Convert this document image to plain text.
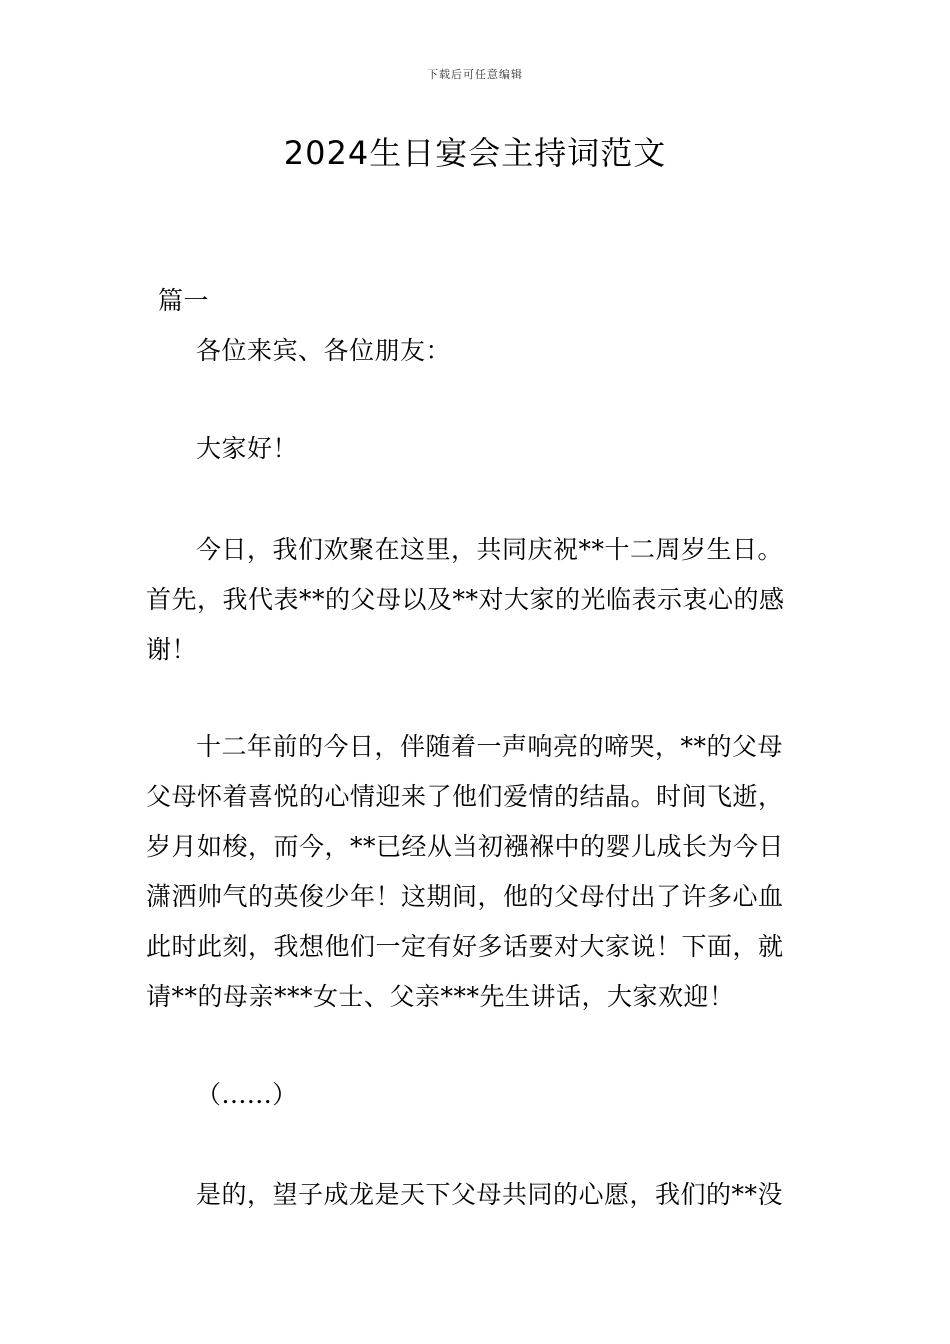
下载后可任意编辑
2024生日宴会主持词范文

篇一

各位来宾、各位朋友：

大家好！

今日，我们欢聚在这里，共同庆祝**十二周岁生日。
首先，我代表**的父母以及**对大家的光临表示衷心的感
谢！

十二年前的今日，伴随着一声响亮的啼哭，**的父母
父母怀着喜悦的心情迎来了他们爱情的结晶。时间飞逝，
岁月如梭，而今，**已经从当初襁褓中的婴儿成长为今日
潇洒帅气的英俊少年！这期间，他的父母付出了许多心血
此时此刻，我想他们一定有好多话要对大家说！下面，就
请**的母亲***女士、父亲***先生讲话，大家欢迎！

（......）

是的，望子成龙是天下父母共同的心愿，我们的**没
